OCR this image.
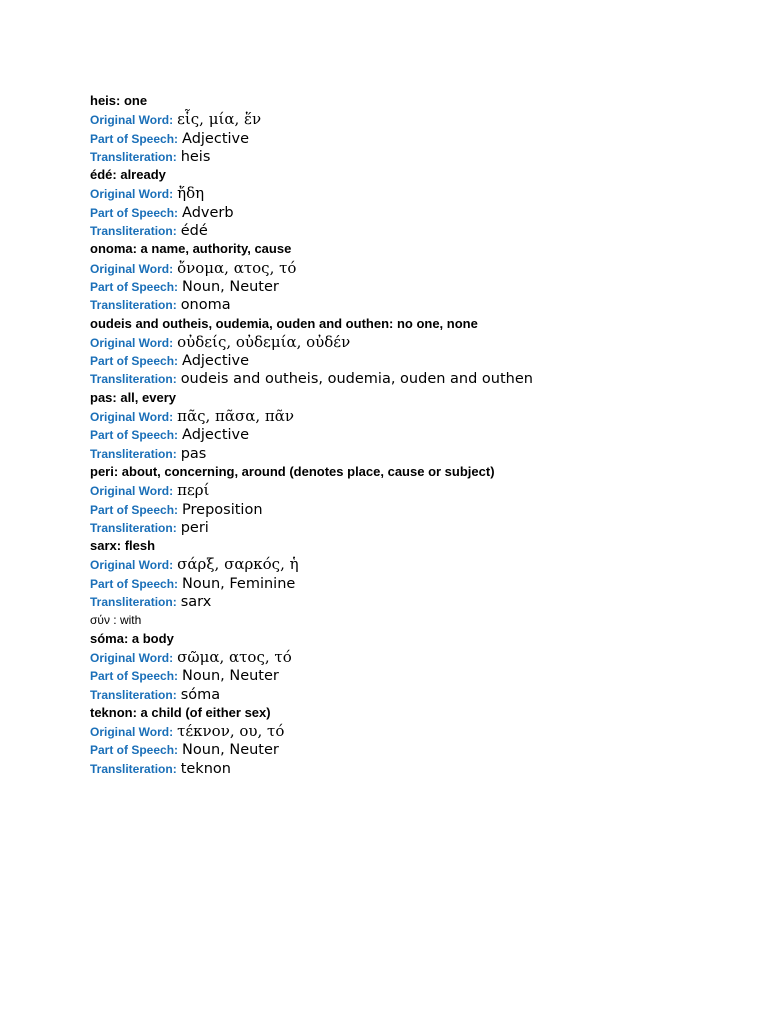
heis: one
Original Word: εἷς, μία, ἕν
Part of Speech: Adjective
Transliteration: heis
édé: already
Original Word: ἤδη
Part of Speech: Adverb
Transliteration: édé
onoma: a name, authority, cause
Original Word: ὄνομα, ατος, τό
Part of Speech: Noun, Neuter
Transliteration: onoma
oudeis and outheis, oudemia, ouden and outhen: no one, none
Original Word: οὐδείς, οὐδεμία, οὐδέν
Part of Speech: Adjective
Transliteration: oudeis and outheis, oudemia, ouden and outhen
pas: all, every
Original Word: πᾶς, πᾶσα, πᾶν
Part of Speech: Adjective
Transliteration: pas
peri: about, concerning, around (denotes place, cause or subject)
Original Word: περί
Part of Speech: Preposition
Transliteration: peri
sarx: flesh
Original Word: σάρξ, σαρκός, ἡ
Part of Speech: Noun, Feminine
Transliteration: sarx
σύν : with
sóma: a body
Original Word: σῶμα, ατος, τό
Part of Speech: Noun, Neuter
Transliteration: sóma
teknon: a child (of either sex)
Original Word: τέκνον, ου, τό
Part of Speech: Noun, Neuter
Transliteration: teknon
